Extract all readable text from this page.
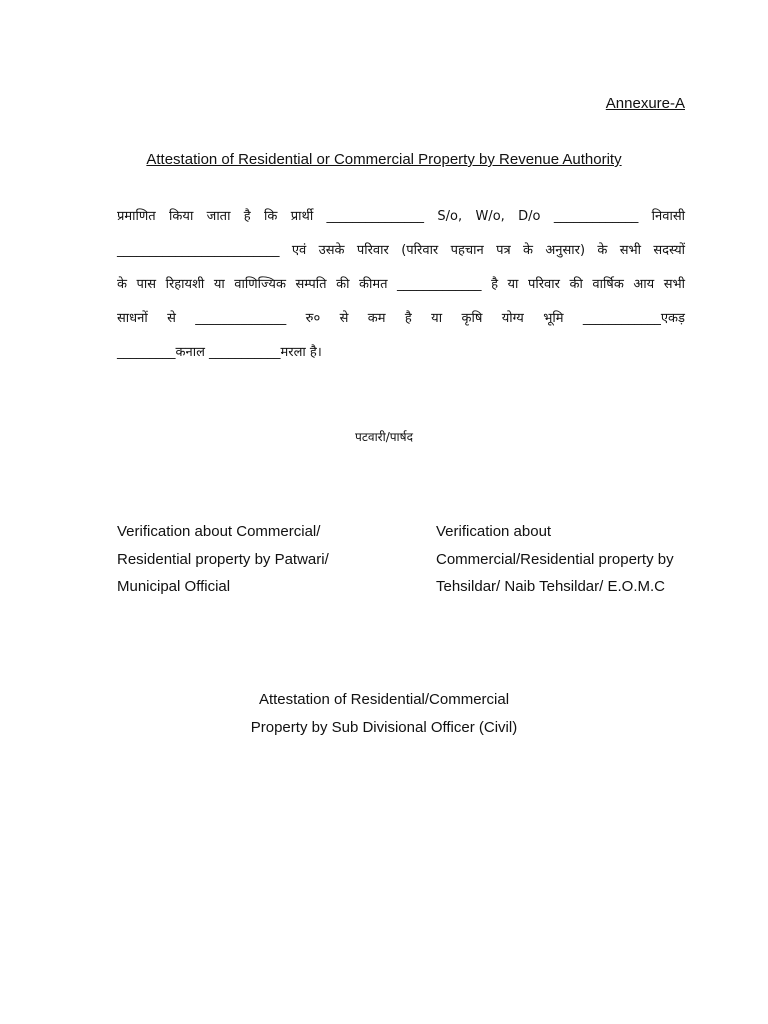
Annexure-A
Attestation of Residential or Commercial Property by Revenue Authority
प्रमाणित किया जाता है कि प्रार्थी _______________ S/o, W/o, D/o _____________ निवासी
_________________________ एवं उसके परिवार (परिवार पहचान पत्र के अनुसार) के सभी सदस्यों
के पास रिहायशी या वाणिज्यिक सम्पति की कीमत _____________ है या परिवार की वार्षिक आय सभी
साधनों से ______________ रु० से कम है या कृषि योग्य भूमि ____________एकड़
_________कनाल ___________मरला है।
पटवारी/पार्षद
Verification about Commercial/
Residential property by Patwari/
Municipal Official
Verification about
Commercial/Residential property by
Tehsildar/ Naib Tehsildar/ E.O.M.C
Attestation of Residential/Commercial
Property by Sub Divisional Officer (Civil)
